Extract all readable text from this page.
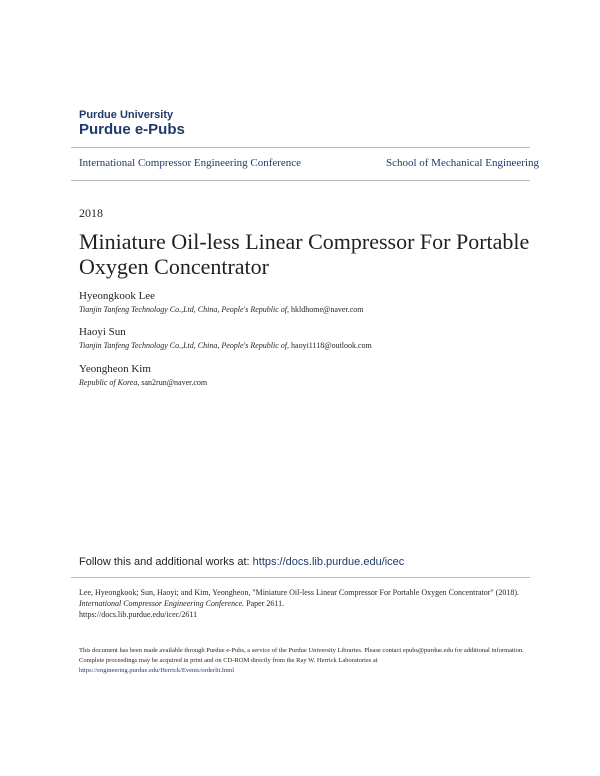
Purdue University
Purdue e-Pubs
International Compressor Engineering Conference	School of Mechanical Engineering
2018
Miniature Oil-less Linear Compressor For Portable Oxygen Concentrator
Hyeongkook Lee
Tianjin Tanfeng Technology Co.,Ltd, China, People's Republic of, hkldhome@naver.com
Haoyi Sun
Tianjin Tanfeng Technology Co.,Ltd, China, People's Republic of, haoyi1118@outlook.com
Yeongheon Kim
Republic of Korea, san2run@naver.com
Follow this and additional works at: https://docs.lib.purdue.edu/icec
Lee, Hyeongkook; Sun, Haoyi; and Kim, Yeongheon, "Miniature Oil-less Linear Compressor For Portable Oxygen Concentrator" (2018). International Compressor Engineering Conference. Paper 2611.
https://docs.lib.purdue.edu/icec/2611
This document has been made available through Purdue e-Pubs, a service of the Purdue University Libraries. Please contact epubs@purdue.edu for additional information.
Complete proceedings may be acquired in print and on CD-ROM directly from the Ray W. Herrick Laboratories at https://engineering.purdue.edu/Herrick/Events/orderlit.html
